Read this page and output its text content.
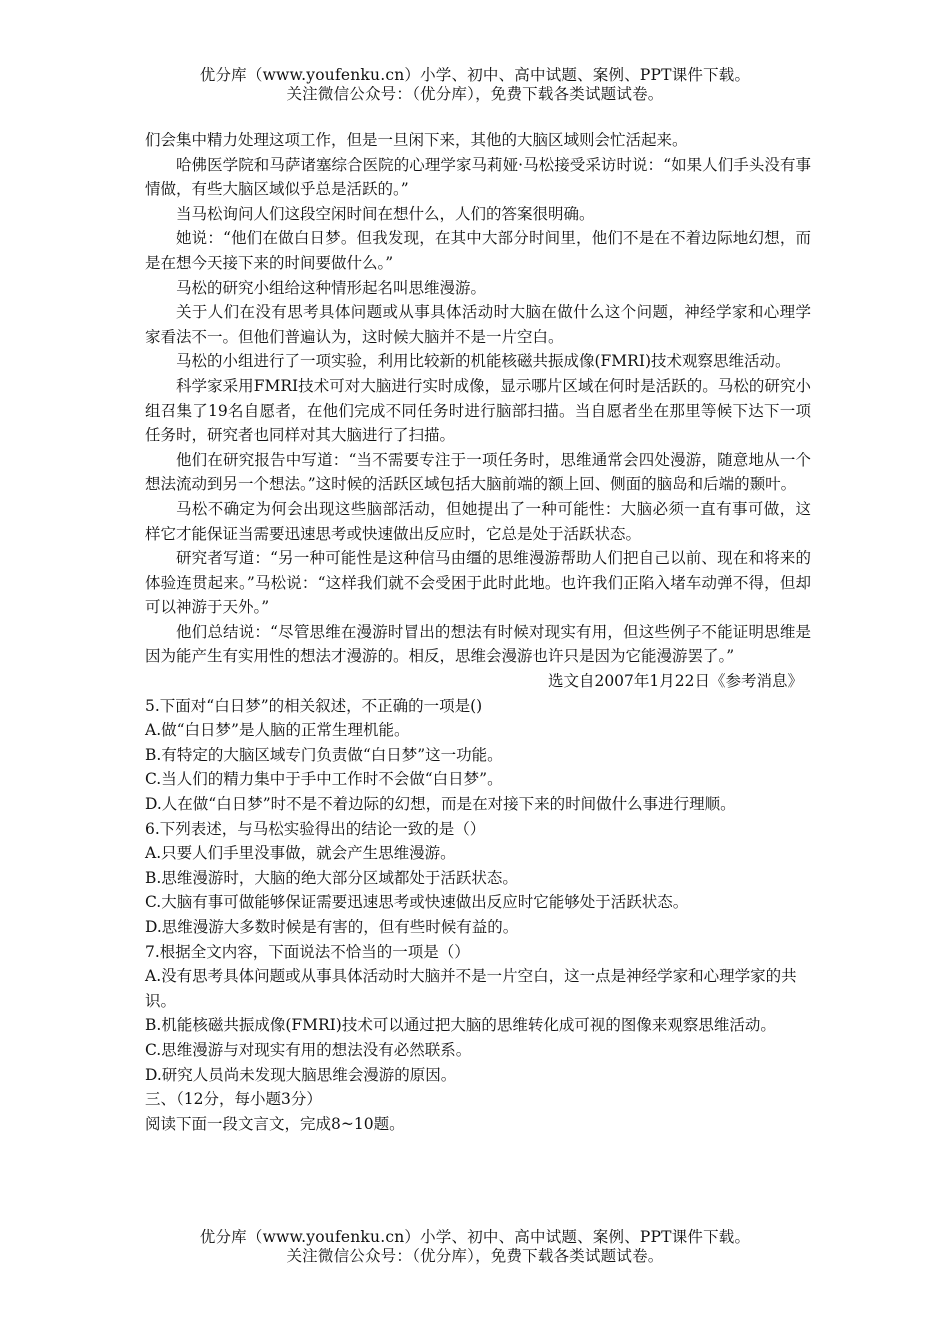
优分库（www.youfenku.cn）小学、初中、高中试题、案例、PPT课件下载。
关注微信公众号：（优分库），免费下载各类试题试卷。

们会集中精力处理这项工作，但是一旦闲下来，其他的大脑区域则会忙活起来。

哈佛医学院和马萨诸塞综合医院的心理学家马莉娅·马松接受采访时说：“如果人们手头没有事情做，有些大脑区域似乎总是活跃的。”

当马松询问人们这段空闲时间在想什么，人们的答案很明确。

她说：“他们在做白日梦。但我发现，在其中大部分时间里，他们不是在不着边际地幻想，而是在想今天接下来的时间要做什么。”

马松的研究小组给这种情形起名叫思维漫游。

关于人们在没有思考具体问题或从事具体活动时大脑在做什么这个问题，神经学家和心理学家看法不一。但他们普遍认为，这时候大脑并不是一片空白。

马松的小组进行了一项实验，利用比较新的机能核磁共振成像(FMRI)技术观察思维活动。

科学家采用FMRI技术可对大脑进行实时成像，显示哪片区域在何时是活跃的。马松的研究小组召集了19名自愿者，在他们完成不同任务时进行脑部扫描。当自愿者坐在那里等候下达下一项任务时，研究者也同样对其大脑进行了扫描。

他们在研究报告中写道：“当不需要专注于一项任务时，思维通常会四处漫游，随意地从一个想法流动到另一个想法。”这时候的活跃区域包括大脑前端的额上回、侧面的脑岛和后端的颞叶。

马松不确定为何会出现这些脑部活动，但她提出了一种可能性：大脑必须一直有事可做，这样它才能保证当需要迅速思考或快速做出反应时，它总是处于活跃状态。

研究者写道：“另一种可能性是这种信马由缰的思维漫游帮助人们把自己以前、现在和将来的体验连贯起来。”马松说：“这样我们就不会受困于此时此地。也许我们正陷入堵车动弹不得，但却可以神游于天外。”

他们总结说：“尽管思维在漫游时冒出的想法有时候对现实有用，但这些例子不能证明思维是因为能产生有实用性的想法才漫游的。相反，思维会漫游也许只是因为它能漫游罢了。”

选文自2007年1月22日《参考消息》

5.下面对“白日梦”的相关叙述，不正确的一项是()

A.做“白日梦”是人脑的正常生理机能。

B.有特定的大脑区域专门负责做“白日梦”这一功能。

C.当人们的精力集中于手中工作时不会做“白日梦”。

D.人在做“白日梦”时不是不着边际的幻想，而是在对接下来的时间做什么事进行理顺。

6.下列表述，与马松实验得出的结论一致的是（）

A.只要人们手里没事做，就会产生思维漫游。

B.思维漫游时，大脑的绝大部分区域都处于活跃状态。

C.大脑有事可做能够保证需要迅速思考或快速做出反应时它能够处于活跃状态。

D.思维漫游大多数时候是有害的，但有些时候有益的。

7.根据全文内容，下面说法不恰当的一项是（）

A.没有思考具体问题或从事具体活动时大脑并不是一片空白，这一点是神经学家和心理学家的共识。

B.机能核磁共振成像(FMRI)技术可以通过把大脑的思维转化成可视的图像来观察思维活动。

C.思维漫游与对现实有用的想法没有必然联系。

D.研究人员尚未发现大脑思维会漫游的原因。

三、（12分，每小题3分）

阅读下面一段文言文，完成8~10题。

优分库（www.youfenku.cn）小学、初中、高中试题、案例、PPT课件下载。
关注微信公众号：（优分库），免费下载各类试题试卷。
